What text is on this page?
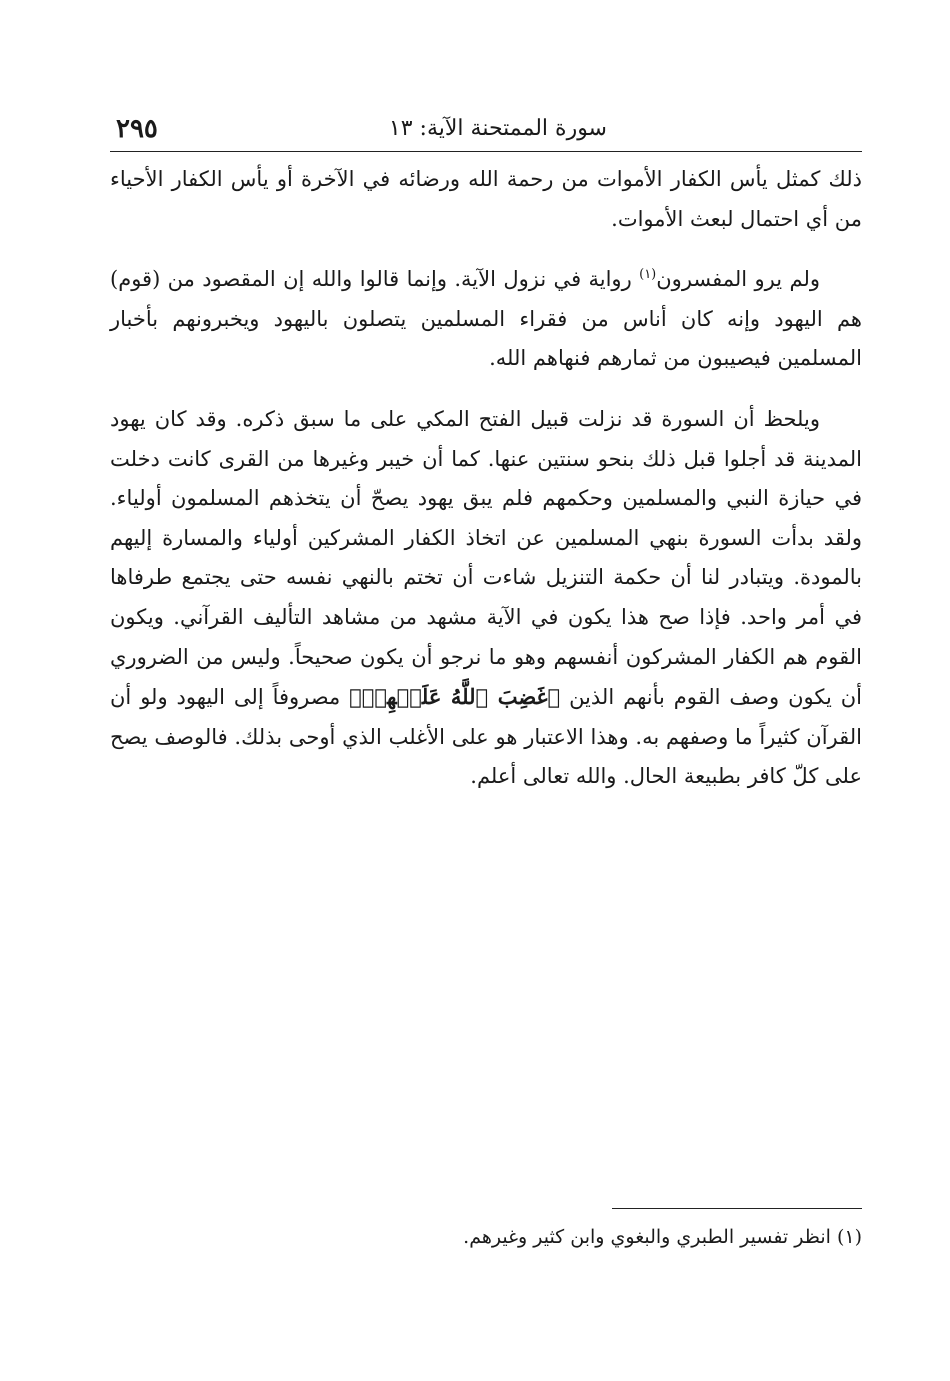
سورة الممتحنة الآية: ١٣
٢٩٥

ذلك كمثل يأس الكفار الأموات من رحمة الله ورضائه في الآخرة أو يأس الكفار الأحياء من أي احتمال لبعث الأموات.

ولم يرو المفسرون$^{(١)}$ رواية في نزول الآية. وإنما قالوا والله إن المقصود من (قوم) هم اليهود وإنه كان أناس من فقراء المسلمين يتصلون باليهود ويخبرونهم بأخبار المسلمين فيصيبون من ثمارهم فنهاهم الله.

ويلحظ أن السورة قد نزلت قبيل الفتح المكي على ما سبق ذكره. وقد كان يهود المدينة قد أجلوا قبل ذلك بنحو سنتين عنها. كما أن خيبر وغيرها من القرى كانت دخلت في حيازة النبي والمسلمين وحكمهم فلم يبق يهود يصحّ أن يتخذهم المسلمون أولياء. ولقد بدأت السورة بنهي المسلمين عن اتخاذ الكفار المشركين أولياء والمسارة إليهم بالمودة. ويتبادر لنا أن حكمة التنزيل شاءت أن تختم بالنهي نفسه حتى يجتمع طرفاها في أمر واحد. فإذا صح هذا يكون في الآية مشهد من مشاهد التأليف القرآني. ويكون القوم هم الكفار المشركون أنفسهم وهو ما نرجو أن يكون صحيحاً. وليس من الضروري أن يكون وصف القوم بأنهم الذين ﴿غَضِبَ ٱللَّهُ عَلَيۡهِمۡ﴾ مصروفاً إلى اليهود ولو أن القرآن كثيراً ما وصفهم به. وهذا الاعتبار هو على الأغلب الذي أوحى بذلك. فالوصف يصح على كلّ كافر بطبيعة الحال. والله تعالى أعلم.

(١) انظر تفسير الطبري والبغوي وابن كثير وغيرهم.
